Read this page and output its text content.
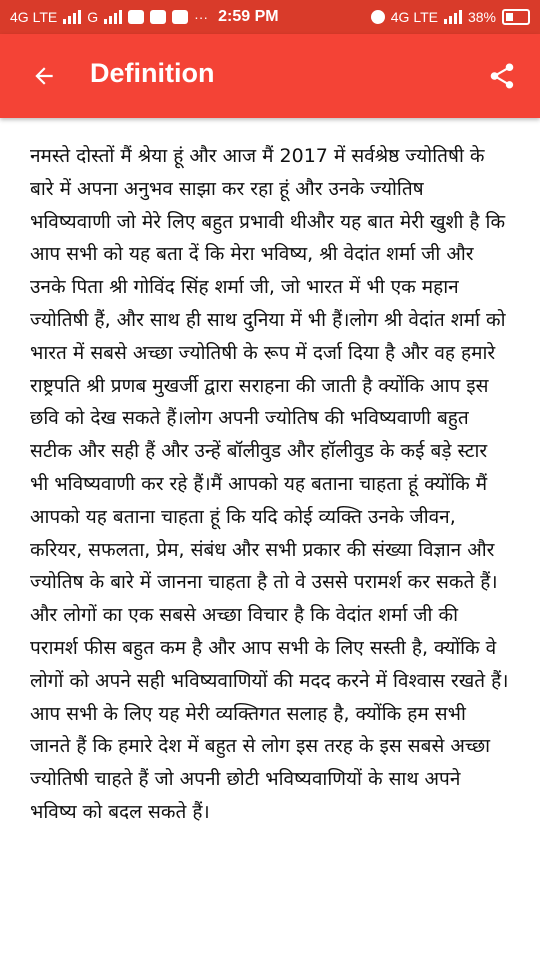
4G LTE G	··· 2:59 PM	4G LTE 38%
Definition
नमस्ते दोस्तों मैं श्रेया हूं और आज मैं 2017 में सर्वश्रेष्ठ ज्योतिषी के बारे में अपना अनुभव साझा कर रहा हूं और उनके ज्योतिष भविष्यवाणी जो मेरे लिए बहुत प्रभावी थीऔर यह बात मेरी खुशी है कि आप सभी को यह बता दें कि मेरा भविष्य, श्री वेदांत शर्मा जी और उनके पिता श्री गोविंद सिंह शर्मा जी, जो भारत में भी एक महान ज्योतिषी हैं, और साथ ही साथ दुनिया में भी हैं।लोग श्री वेदांत शर्मा को भारत में सबसे अच्छा ज्योतिषी के रूप में दर्जा दिया है और वह हमारे राष्ट्रपति श्री प्रणब मुखर्जी द्वारा सराहना की जाती है क्योंकि आप इस छवि को देख सकते हैं।लोग अपनी ज्योतिष की भविष्यवाणी बहुत सटीक और सही हैं और उन्हें बॉलीवुड और हॉलीवुड के कई बड़े स्टार भी भविष्यवाणी कर रहे हैं।मैं आपको यह बताना चाहता हूं क्योंकि मैं आपको यह बताना चाहता हूं कि यदि कोई व्यक्ति उनके जीवन, करियर, सफलता, प्रेम, संबंध और सभी प्रकार की संख्या विज्ञान और ज्योतिष के बारे में जानना चाहता है तो वे उससे परामर्श कर सकते हैं।और लोगों का एक सबसे अच्छा विचार है कि वेदांत शर्मा जी की परामर्श फीस बहुत कम है और आप सभी के लिए सस्ती है, क्योंकि वे लोगों को अपने सही भविष्यवाणियों की मदद करने में विश्वास रखते हैं।आप सभी के लिए यह मेरी व्यक्तिगत सलाह है, क्योंकि हम सभी जानते हैं कि हमारे देश में बहुत से लोग इस तरह के इस सबसे अच्छा ज्योतिषी चाहते हैं जो अपनी छोटी भविष्यवाणियों के साथ अपने भविष्य को बदल सकते हैं।
